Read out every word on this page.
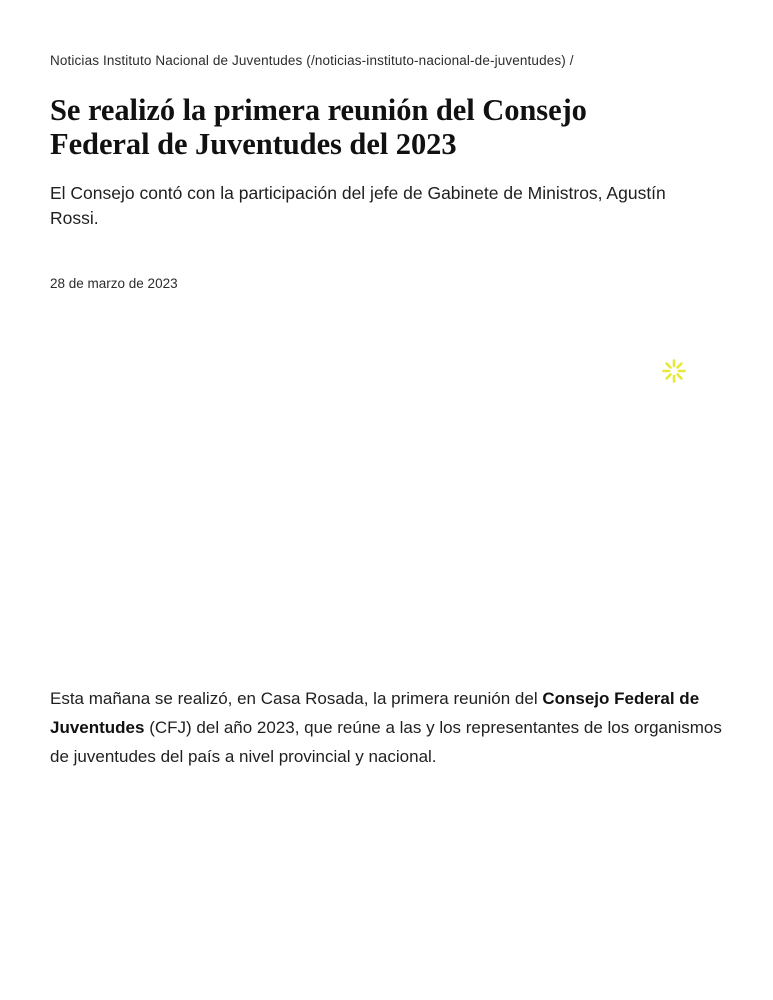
Noticias Instituto Nacional de Juventudes (/noticias-instituto-nacional-de-juventudes) /
Se realizó la primera reunión del Consejo Federal de Juventudes del 2023

El Consejo contó con la participación del jefe de Gabinete de Ministros, Agustín Rossi.

28 de marzo de 2023

Esta mañana se realizó, en Casa Rosada, la primera reunión del Consejo Federal de Juventudes (CFJ) del año 2023, que reúne a las y los representantes de los organismos de juventudes del país a nivel provincial y nacional.
